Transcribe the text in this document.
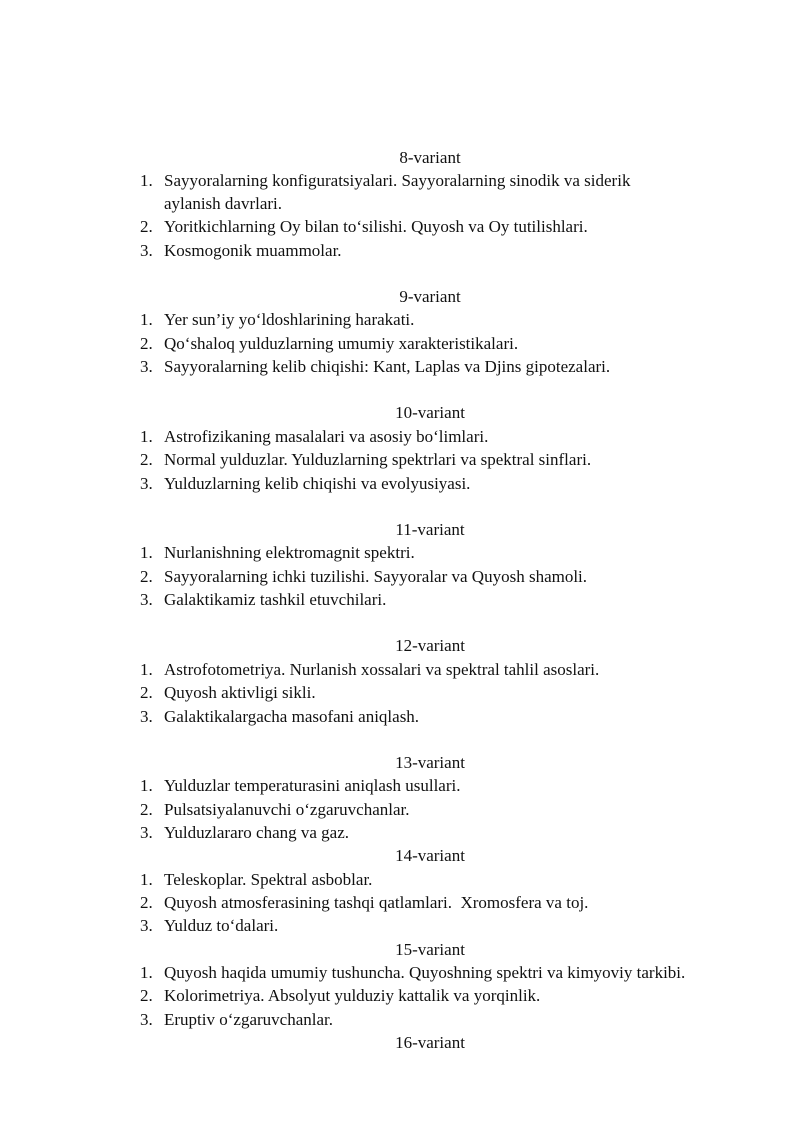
8-variant
1. Sayyoralarning konfiguratsiyalari. Sayyoralarning sinodik va siderik
aylanish davrlari.
2. Yoritkichlarning Oy bilan to‘silishi. Quyosh va Oy tutilishlari.
3. Kosmogonik muammolar.
9-variant
1. Yer sun’iy yo‘ldoshlarining harakati.
2. Qo‘shaloq yulduzlarning umumiy xarakteristikalari.
3. Sayyoralarning kelib chiqishi: Kant, Laplas va Djins gipotezalari.
10-variant
1. Astrofizikaning masalalari va asosiy bo‘limlari.
2. Normal yulduzlar. Yulduzlarning spektrlari va spektral sinflari.
3. Yulduzlarning kelib chiqishi va evolyusiyasi.
11-variant
1. Nurlanishning elektromagnit spektri.
2. Sayyoralarning ichki tuzilishi. Sayyoralar va Quyosh shamoli.
3. Galaktikamiz tashkil etuvchilari.
12-variant
1. Astrofotometriya. Nurlanish xossalari va spektral tahlil asoslari.
2. Quyosh aktivligi sikli.
3. Galaktikalargacha masofani aniqlash.
13-variant
1. Yulduzlar temperaturasini aniqlash usullari.
2. Pulsatsiyalanuvchi o‘zgaruvchanlar.
3. Yulduzlararo chang va gaz.
14-variant
1. Teleskoplar. Spektral asboblar.
2. Quyosh atmosferasining tashqi qatlamlari.  Xromosfera va toj.
3. Yulduz to‘dalari.
15-variant
1. Quyosh haqida umumiy tushuncha. Quyoshning spektri va kimyoviy tarkibi.
2. Kolorimetriya. Absolyut yulduziy kattalik va yorqinlik.
3. Eruptiv o‘zgaruvchanlar.
16-variant
